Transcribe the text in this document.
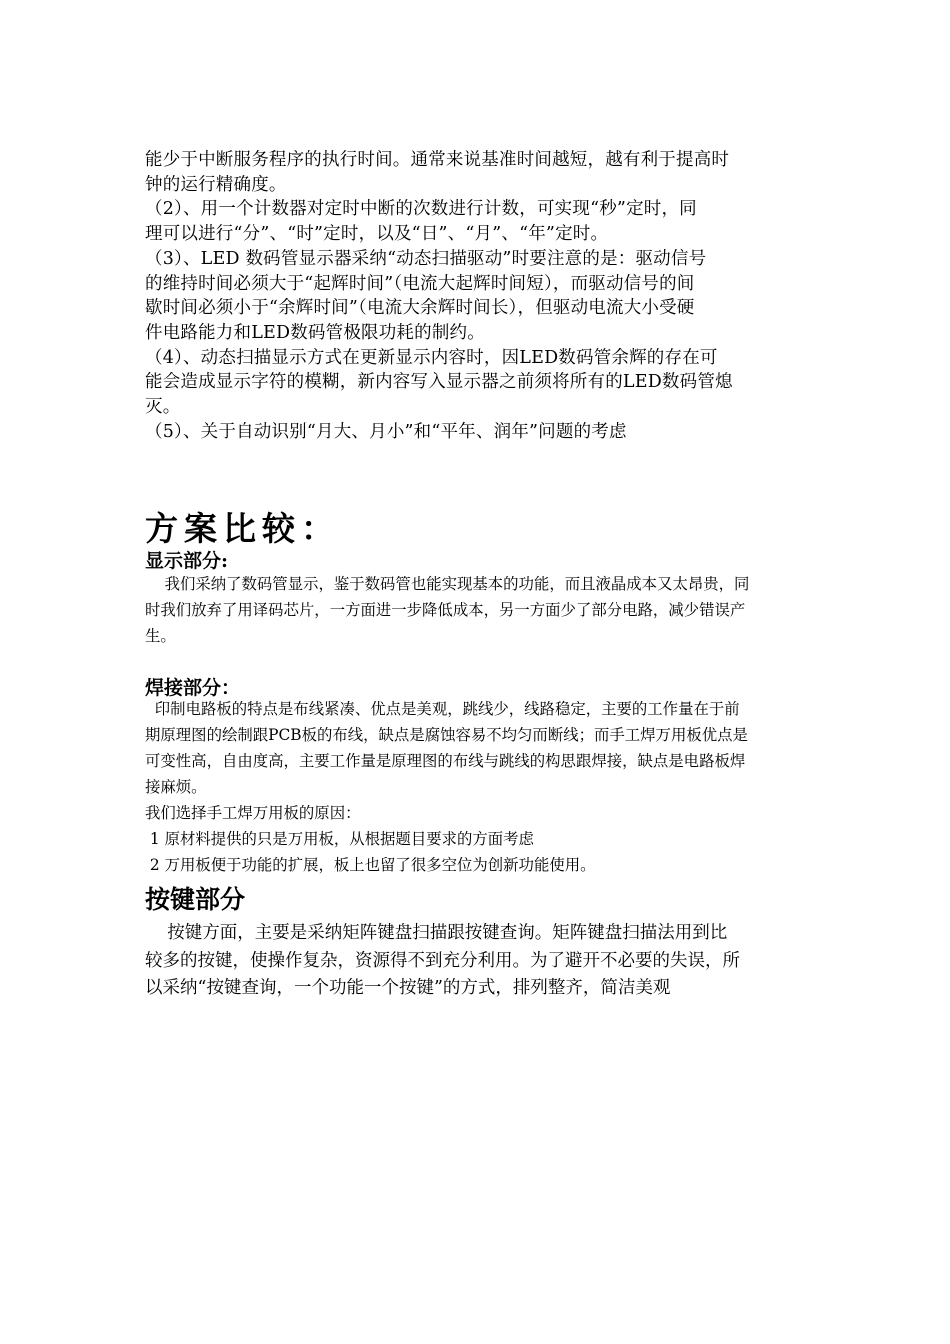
能少于中断服务程序的执行时间。通常来说基准时间越短，越有利于提高时
钟的运行精确度。
（2）、用一个计数器对定时中断的次数进行计数，可实现“秒”定时，同
理可以进行“分”、“时”定时，以及“日”、“月”、“年”定时。
（3）、LED 数码管显示器采纳“动态扫描驱动”时要注意的是：驱动信号
的维持时间必须大于“起辉时间”（电流大起辉时间短），而驱动信号的间
歇时间必须小于“余辉时间”（电流大余辉时间长），但驱动电流大小受硬
件电路能力和LED数码管极限功耗的制约。
（4）、动态扫描显示方式在更新显示内容时，因LED数码管余辉的存在可
能会造成显示字符的模糊，新内容写入显示器之前须将所有的LED数码管熄
灭。
（5）、关于自动识别“月大、月小”和“平年、润年”问题的考虑
方案比较：
显示部分:
我们采纳了数码管显示，鉴于数码管也能实现基本的功能，而且液晶成本又太昂贵，同
时我们放弃了用译码芯片，一方面进一步降低成本，另一方面少了部分电路，减少错误产
生。
焊接部分：
印制电路板的特点是布线紧凑、优点是美观，跳线少，线路稳定，主要的工作量在于前
期原理图的绘制跟PCB板的布线，缺点是腐蚀容易不均匀而断线；而手工焊万用板优点是
可变性高，自由度高，主要工作量是原理图的布线与跳线的构思跟焊接，缺点是电路板焊
接麻烦。
我们选择手工焊万用板的原因：
1 原材料提供的只是万用板，从根据题目要求的方面考虑
2 万用板便于功能的扩展，板上也留了很多空位为创新功能使用。
按键部分
按键方面，主要是采纳矩阵键盘扫描跟按键查询。矩阵键盘扫描法用到比
较多的按键，使操作复杂，资源得不到充分利用。为了避开不必要的失误，所
以采纳“按键查询，一个功能一个按键”的方式，排列整齐，简洁美观
